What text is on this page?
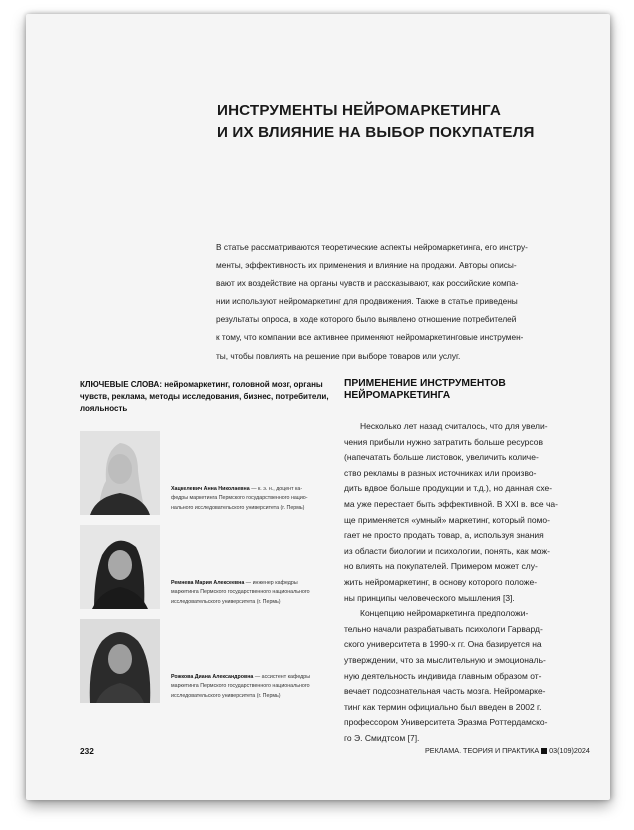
ИНСТРУМЕНТЫ НЕЙРОМАРКЕТИНГА
И ИХ ВЛИЯНИЕ НА ВЫБОР ПОКУПАТЕЛЯ
В статье рассматриваются теоретические аспекты нейромаркетинга, его инстру-
менты, эффективность их применения и влияние на продажи. Авторы описы-
вают их воздействие на органы чувств и рассказывают, как российские компа-
нии используют нейромаркетинг для продвижения. Также в статье приведены
результаты опроса, в ходе которого было выявлено отношение потребителей
к тому, что компании все активнее применяют нейромаркетинговые инструмен-
ты, чтобы повлиять на решение при выборе товаров или услуг.
КЛЮЧЕВЫЕ СЛОВА: нейромаркетинг, головной мозг, органы
чувств, реклама, методы исследования, бизнес, потребители,
лояльность
Хацкелевич Анна Николаевна — к. э. н., доцент ка-
федры маркетинга Пермского государственного нацио-
нального исследовательского университета (г. Пермь)
Ремнева Мария Алексеевна — инженер кафедры
маркетинга Пермского государственного национального
исследовательского университета (г. Пермь)
Рожкова Диана Александровна — ассистент кафедры
маркетинга Пермского государственного национального
исследовательского университета (г. Пермь)
ПРИМЕНЕНИЕ ИНСТРУМЕНТОВ
НЕЙРОМАРКЕТИНГА
Несколько лет назад считалось, что для увели-
чения прибыли нужно затратить больше ресурсов
(напечатать больше листовок, увеличить количе-
ство рекламы в разных источниках или произво-
дить вдвое больше продукции и т.д.), но данная схе-
ма уже перестает быть эффективной. В XXI в. все ча-
ще применяется «умный» маркетинг, который помо-
гает не просто продать товар, а, используя знания
из области биологии и психологии, понять, как мож-
но влиять на покупателей. Примером может слу-
жить нейромаркетинг, в основу которого положе-
ны принципы человеческого мышления [3].
Концепцию нейромаркетинга предположи-
тельно начали разрабатывать психологи Гарвард-
ского университета в 1990-х гг. Она базируется на
утверждении, что за мыслительную и эмоциональ-
ную деятельность индивида главным образом от-
вечает подсознательная часть мозга. Нейромарке-
тинг как термин официально был введен в 2002 г.
профессором Университета Эразма Роттердамско-
го Э. Смидтсом [7].
232	РЕКЛАМА. ТЕОРИЯ И ПРАКТИКА 03(109)2024
